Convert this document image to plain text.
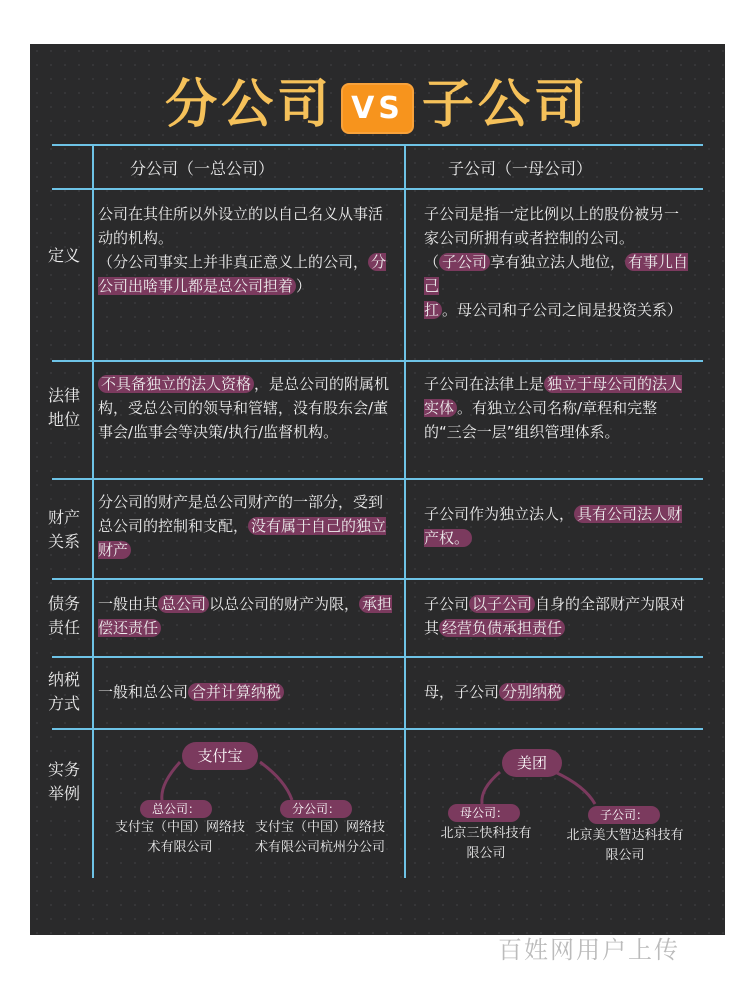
分公司 VS 子公司
分公司（一总公司）	子公司（一母公司）
定义
公司在其住所以外设立的以自己名义从事活动的机构。
（分公司事实上并非真正意义上的公司， 分公司出啥事儿都是总公司担着 ）
子公司是指一定比例以上的股份被另一家公司所拥有或者控制的公司。
（ 子公司 享有独立法人地位， 有事儿自己扛 。母公司和子公司之间是投资关系）
法律地位
不具备独立的法人资格 ，是总公司的附属机构，受总公司的领导和管辖，没有股东会/董事会/监事会等决策/执行/监督机构。
子公司在法律上是 独立于母公司的法人实体 。有独立公司名称/章程和完整的“三会一层”组织管理体系。
财产关系
分公司的财产是总公司财产的一部分，受到总公司的控制和支配， 没有属于自己的独立财产
子公司作为独立法人， 具有公司法人财产权。
债务责任
一般由其 总公司 以总公司的财产为限， 承担偿还责任
子公司 以子公司 自身的全部财产为限对其 经营负债承担责任
纳税方式
一般和总公司 合并计算纳税	母，子公司 分别纳税
实务举例
支付宝
总公司：
支付宝（中国）网络技术有限公司
分公司：
支付宝（中国）网络技术有限公司杭州分公司
美团
母公司：
北京三快科技有限公司
子公司：
北京美大智达科技有限公司
百姓网用户上传
